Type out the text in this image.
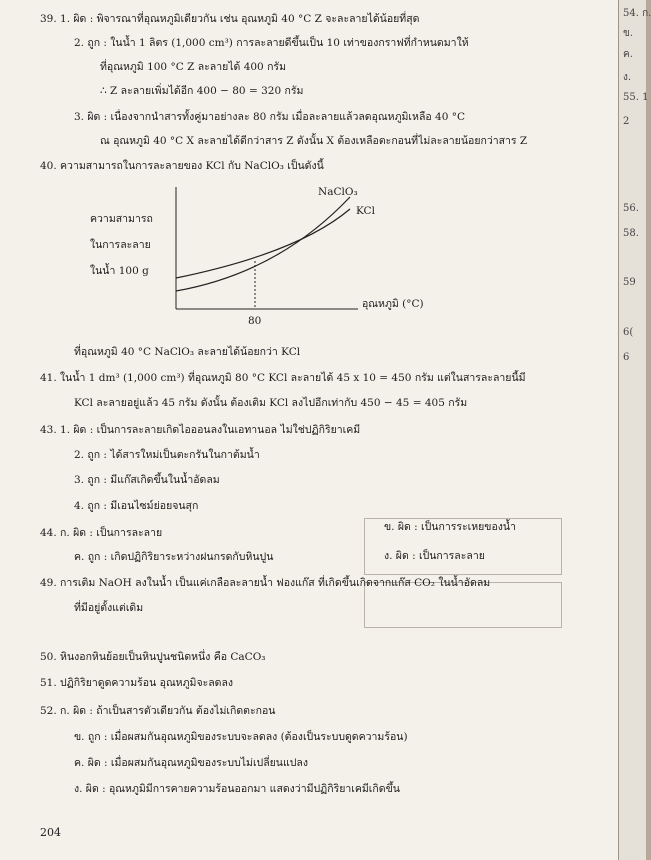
39. 1. ผิด : พิจารณาที่อุณหภูมิเดียวกัน เช่น อุณหภูมิ 40 °C Z จะละลายได้น้อยที่สุด
2. ถูก : ในน้ำ 1 ลิตร (1,000 cm³) การละลายดีขึ้นเป็น 10 เท่าของกราฟที่กำหนดมาให้
ที่อุณหภูมิ 100 °C Z ละลายได้ 400 กรัม
∴ Z ละลายเพิ่มได้อีก 400 − 80 = 320 กรัม
3. ผิด : เนื่องจากนำสารทั้งคู่มาอย่างละ 80 กรัม เมื่อละลายแล้วลดอุณหภูมิเหลือ 40 °C
ณ อุณหภูมิ 40 °C X ละลายได้ดีกว่าสาร Z ดังนั้น X ต้องเหลือตะกอนที่ไม่ละลายน้อยกว่าสาร Z
40. ความสามารถในการละลายของ KCl กับ NaClO₃ เป็นดังนี้
ความสามารถ
ในการละลาย
ในน้ำ 100 g
NaClO₃
KCl
อุณหภูมิ (°C)
80
ที่อุณหภูมิ 40 °C NaClO₃ ละลายได้น้อยกว่า KCl
41. ในน้ำ 1 dm³ (1,000 cm³) ที่อุณหภูมิ 80 °C KCl ละลายได้ 45 x 10 = 450 กรัม แต่ในสารละลายนี้มี
KCl ละลายอยู่แล้ว 45 กรัม ดังนั้น ต้องเติม KCl ลงไปอีกเท่ากับ 450 − 45 = 405 กรัม
43. 1. ผิด : เป็นการละลายเกิดไอออนลงในเอทานอล ไม่ใช่ปฏิกิริยาเคมี
2. ถูก : ได้สารใหม่เป็นตะกรันในกาต้มน้ำ
3. ถูก : มีแก๊สเกิดขึ้นในน้ำอัดลม
4. ถูก : มีเอนไซม์ย่อยจนสุก
44. ก. ผิด : เป็นการละลาย	ข. ผิด : เป็นการระเหยของน้ำ
ค. ถูก : เกิดปฏิกิริยาระหว่างฝนกรดกับหินปูน	ง. ผิด : เป็นการละลาย
49. การเติม NaOH ลงในน้ำ เป็นแค่เกลือละลายน้ำ ฟองแก๊ส ที่เกิดขึ้นเกิดจากแก๊ส CO₂ ในน้ำอัดลม
ที่มีอยู่ตั้งแต่เดิม
50. หินงอกหินย้อยเป็นหินปูนชนิดหนึ่ง คือ CaCO₃
51. ปฏิกิริยาดูดความร้อน อุณหภูมิจะลดลง
52. ก. ผิด : ถ้าเป็นสารตัวเดียวกัน ต้องไม่เกิดตะกอน
ข. ถูก : เมื่อผสมกันอุณหภูมิของระบบจะลดลง (ต้องเป็นระบบดูดความร้อน)
ค. ผิด : เมื่อผสมกันอุณหภูมิของระบบไม่เปลี่ยนแปลง
ง. ผิด : อุณหภูมิมีการคายความร้อนออกมา แสดงว่ามีปฏิกิริยาเคมีเกิดขึ้น
204
54. ก.
ข.
ค.
ง.
55. 1
2
56.
58.
59
6(
6
